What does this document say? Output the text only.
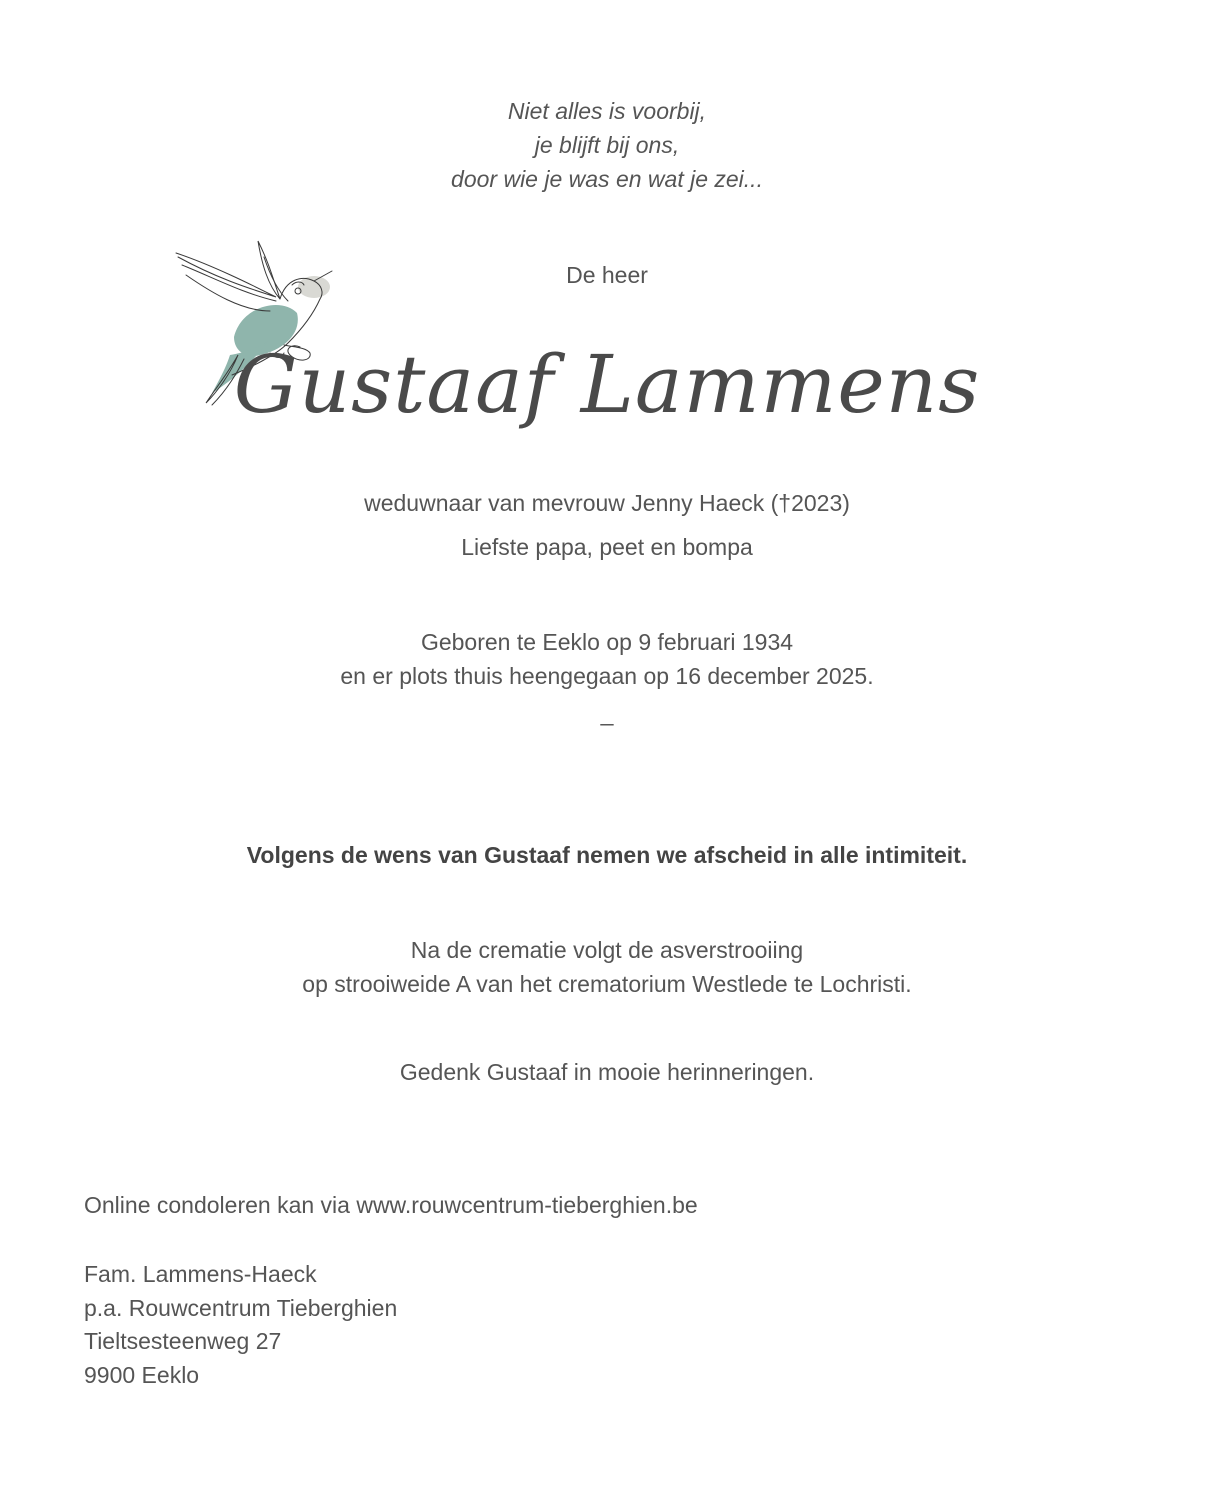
Niet alles is voorbij,
je blijft bij ons,
door wie je was en wat je zei...
De heer
Gustaaf Lammens
weduwnaar van mevrouw Jenny Haeck (†2023)
Liefste papa, peet en bompa
Geboren te Eeklo op 9 februari 1934
en er plots thuis heengegaan op 16 december 2025.
_
Volgens de wens van Gustaaf nemen we afscheid in alle intimiteit.
Na de crematie volgt de asverstrooiing
op strooiweide A van het crematorium Westlede te Lochristi.
Gedenk Gustaaf in mooie herinneringen.
Online condoleren kan via www.rouwcentrum-tieberghien.be
Fam. Lammens-Haeck
p.a. Rouwcentrum Tieberghien
Tieltsesteenweg 27
9900 Eeklo
